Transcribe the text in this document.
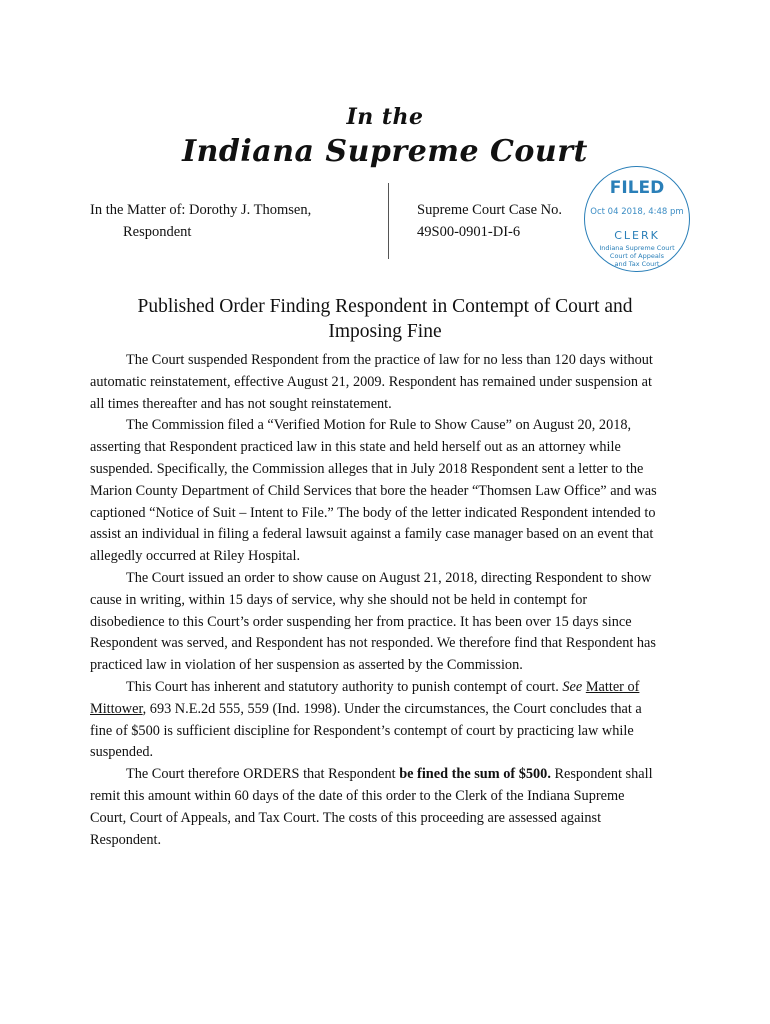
In the
Indiana Supreme Court
In the Matter of: Dorothy J. Thomsen,
Respondent
Supreme Court Case No.
49S00-0901-DI-6
FILED
Oct 04 2018, 4:48 pm
CLERK
Indiana Supreme Court
Court of Appeals
and Tax Court
Published Order Finding Respondent in Contempt of Court and
Imposing Fine

The Court suspended Respondent from the practice of law for no less than 120 days without automatic reinstatement, effective August 21, 2009. Respondent has remained under suspension at all times thereafter and has not sought reinstatement.

The Commission filed a “Verified Motion for Rule to Show Cause” on August 20, 2018, asserting that Respondent practiced law in this state and held herself out as an attorney while suspended. Specifically, the Commission alleges that in July 2018 Respondent sent a letter to the Marion County Department of Child Services that bore the header “Thomsen Law Office” and was captioned “Notice of Suit – Intent to File.” The body of the letter indicated Respondent intended to assist an individual in filing a federal lawsuit against a family case manager based on an event that allegedly occurred at Riley Hospital.

The Court issued an order to show cause on August 21, 2018, directing Respondent to show cause in writing, within 15 days of service, why she should not be held in contempt for disobedience to this Court’s order suspending her from practice. It has been over 15 days since Respondent was served, and Respondent has not responded. We therefore find that Respondent has practiced law in violation of her suspension as asserted by the Commission.

This Court has inherent and statutory authority to punish contempt of court. See Matter of Mittower, 693 N.E.2d 555, 559 (Ind. 1998). Under the circumstances, the Court concludes that a fine of $500 is sufficient discipline for Respondent’s contempt of court by practicing law while suspended.

The Court therefore ORDERS that Respondent be fined the sum of $500. Respondent shall remit this amount within 60 days of the date of this order to the Clerk of the Indiana Supreme Court, Court of Appeals, and Tax Court. The costs of this proceeding are assessed against Respondent.
